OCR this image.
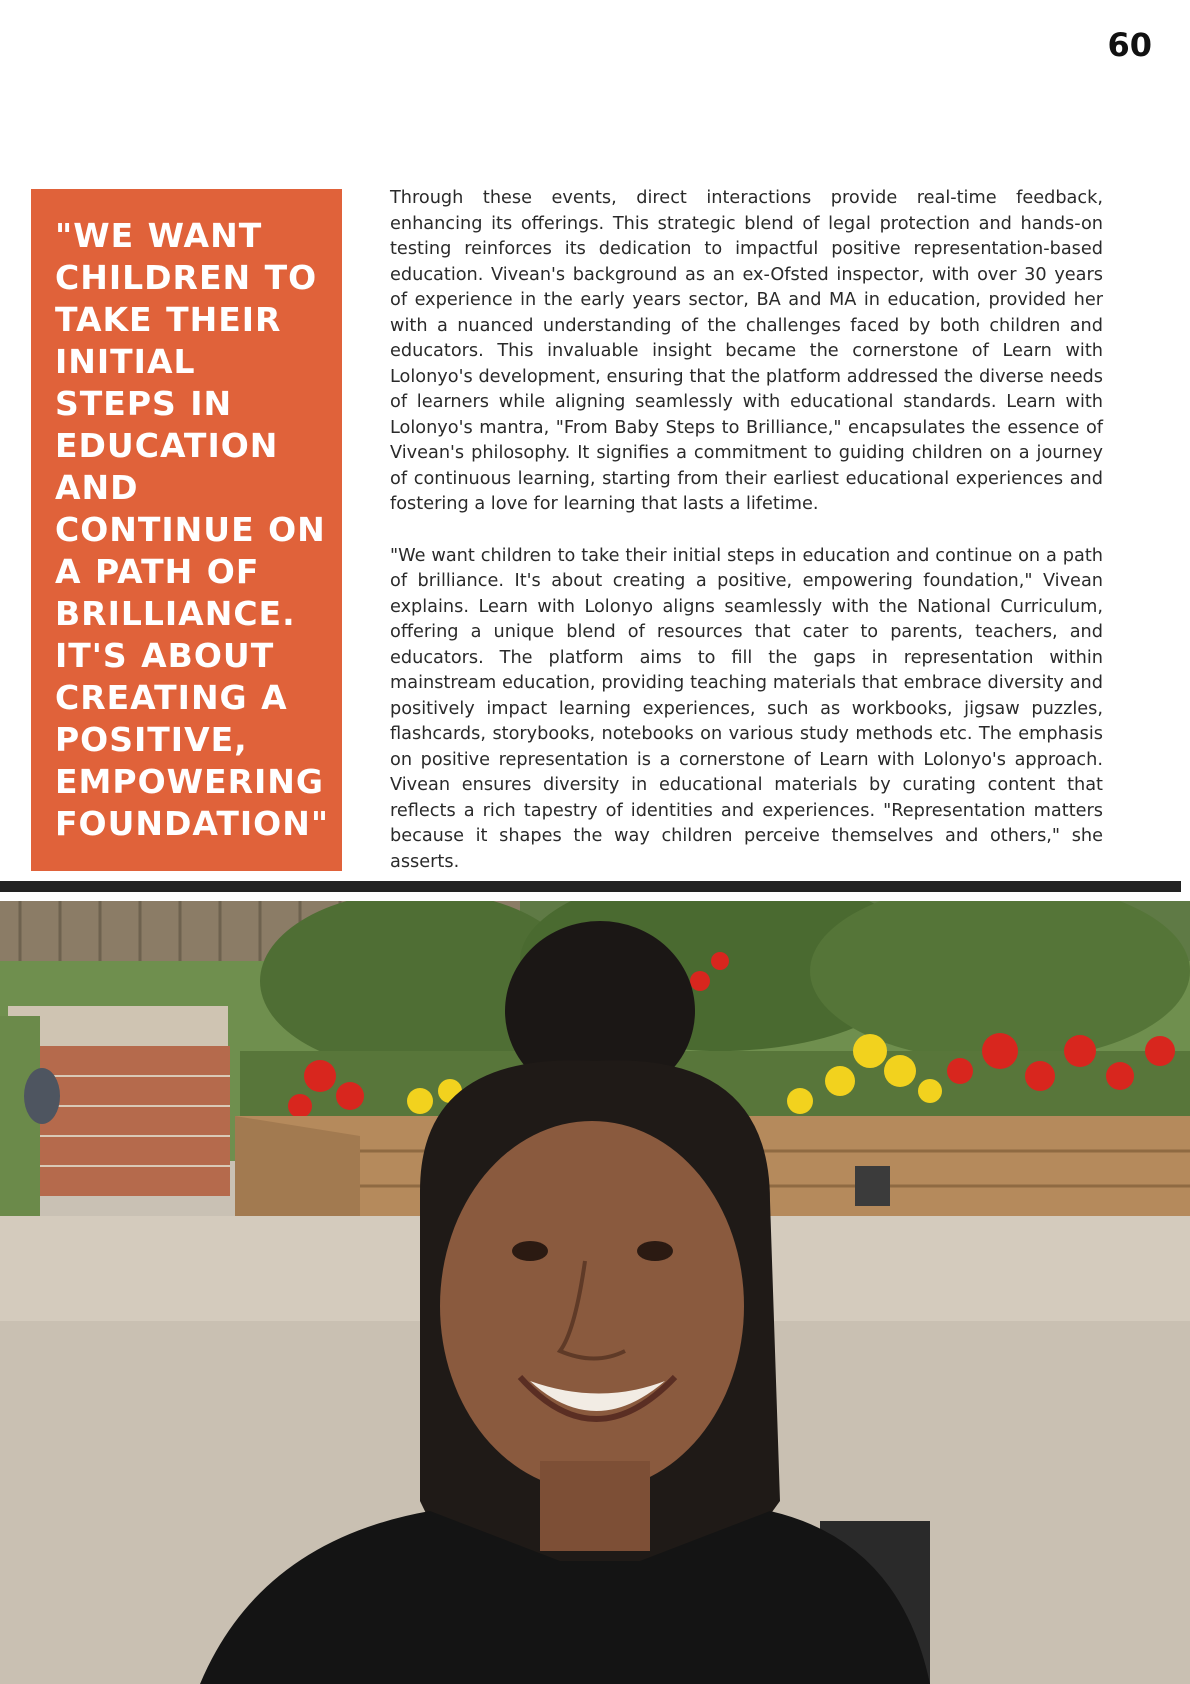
60

"WE WANT CHILDREN TO TAKE THEIR INITIAL STEPS IN EDUCATION AND CONTINUE ON A PATH OF BRILLIANCE. IT'S ABOUT CREATING A POSITIVE, EMPOWERING FOUNDATION"

Through these events, direct interactions provide real-time feedback, enhancing its offerings. This strategic blend of legal protection and hands-on testing reinforces its dedication to impactful positive representation-based education. Vivean's background as an ex-Ofsted inspector, with over 30 years of experience in the early years sector, BA and MA in education, provided her with a nuanced understanding of the challenges faced by both children and educators. This invaluable insight became the cornerstone of Learn with Lolonyo's development, ensuring that the platform addressed the diverse needs of learners while aligning seamlessly with educational standards. Learn with Lolonyo's mantra, "From Baby Steps to Brilliance," encapsulates the essence of Vivean's philosophy. It signifies a commitment to guiding children on a journey of continuous learning, starting from their earliest educational experiences and fostering a love for learning that lasts a lifetime.

"We want children to take their initial steps in education and continue on a path of brilliance. It's about creating a positive, empowering foundation," Vivean explains. Learn with Lolonyo aligns seamlessly with the National Curriculum, offering a unique blend of resources that cater to parents, teachers, and educators. The platform aims to fill the gaps in representation within mainstream education, providing teaching materials that embrace diversity and positively impact learning experiences, such as workbooks, jigsaw puzzles, flashcards, storybooks, notebooks on various study methods etc. The emphasis on positive representation is a cornerstone of Learn with Lolonyo's approach. Vivean ensures diversity in educational materials by curating content that reflects a rich tapestry of identities and experiences. "Representation matters because it shapes the way children perceive themselves and others," she asserts.
